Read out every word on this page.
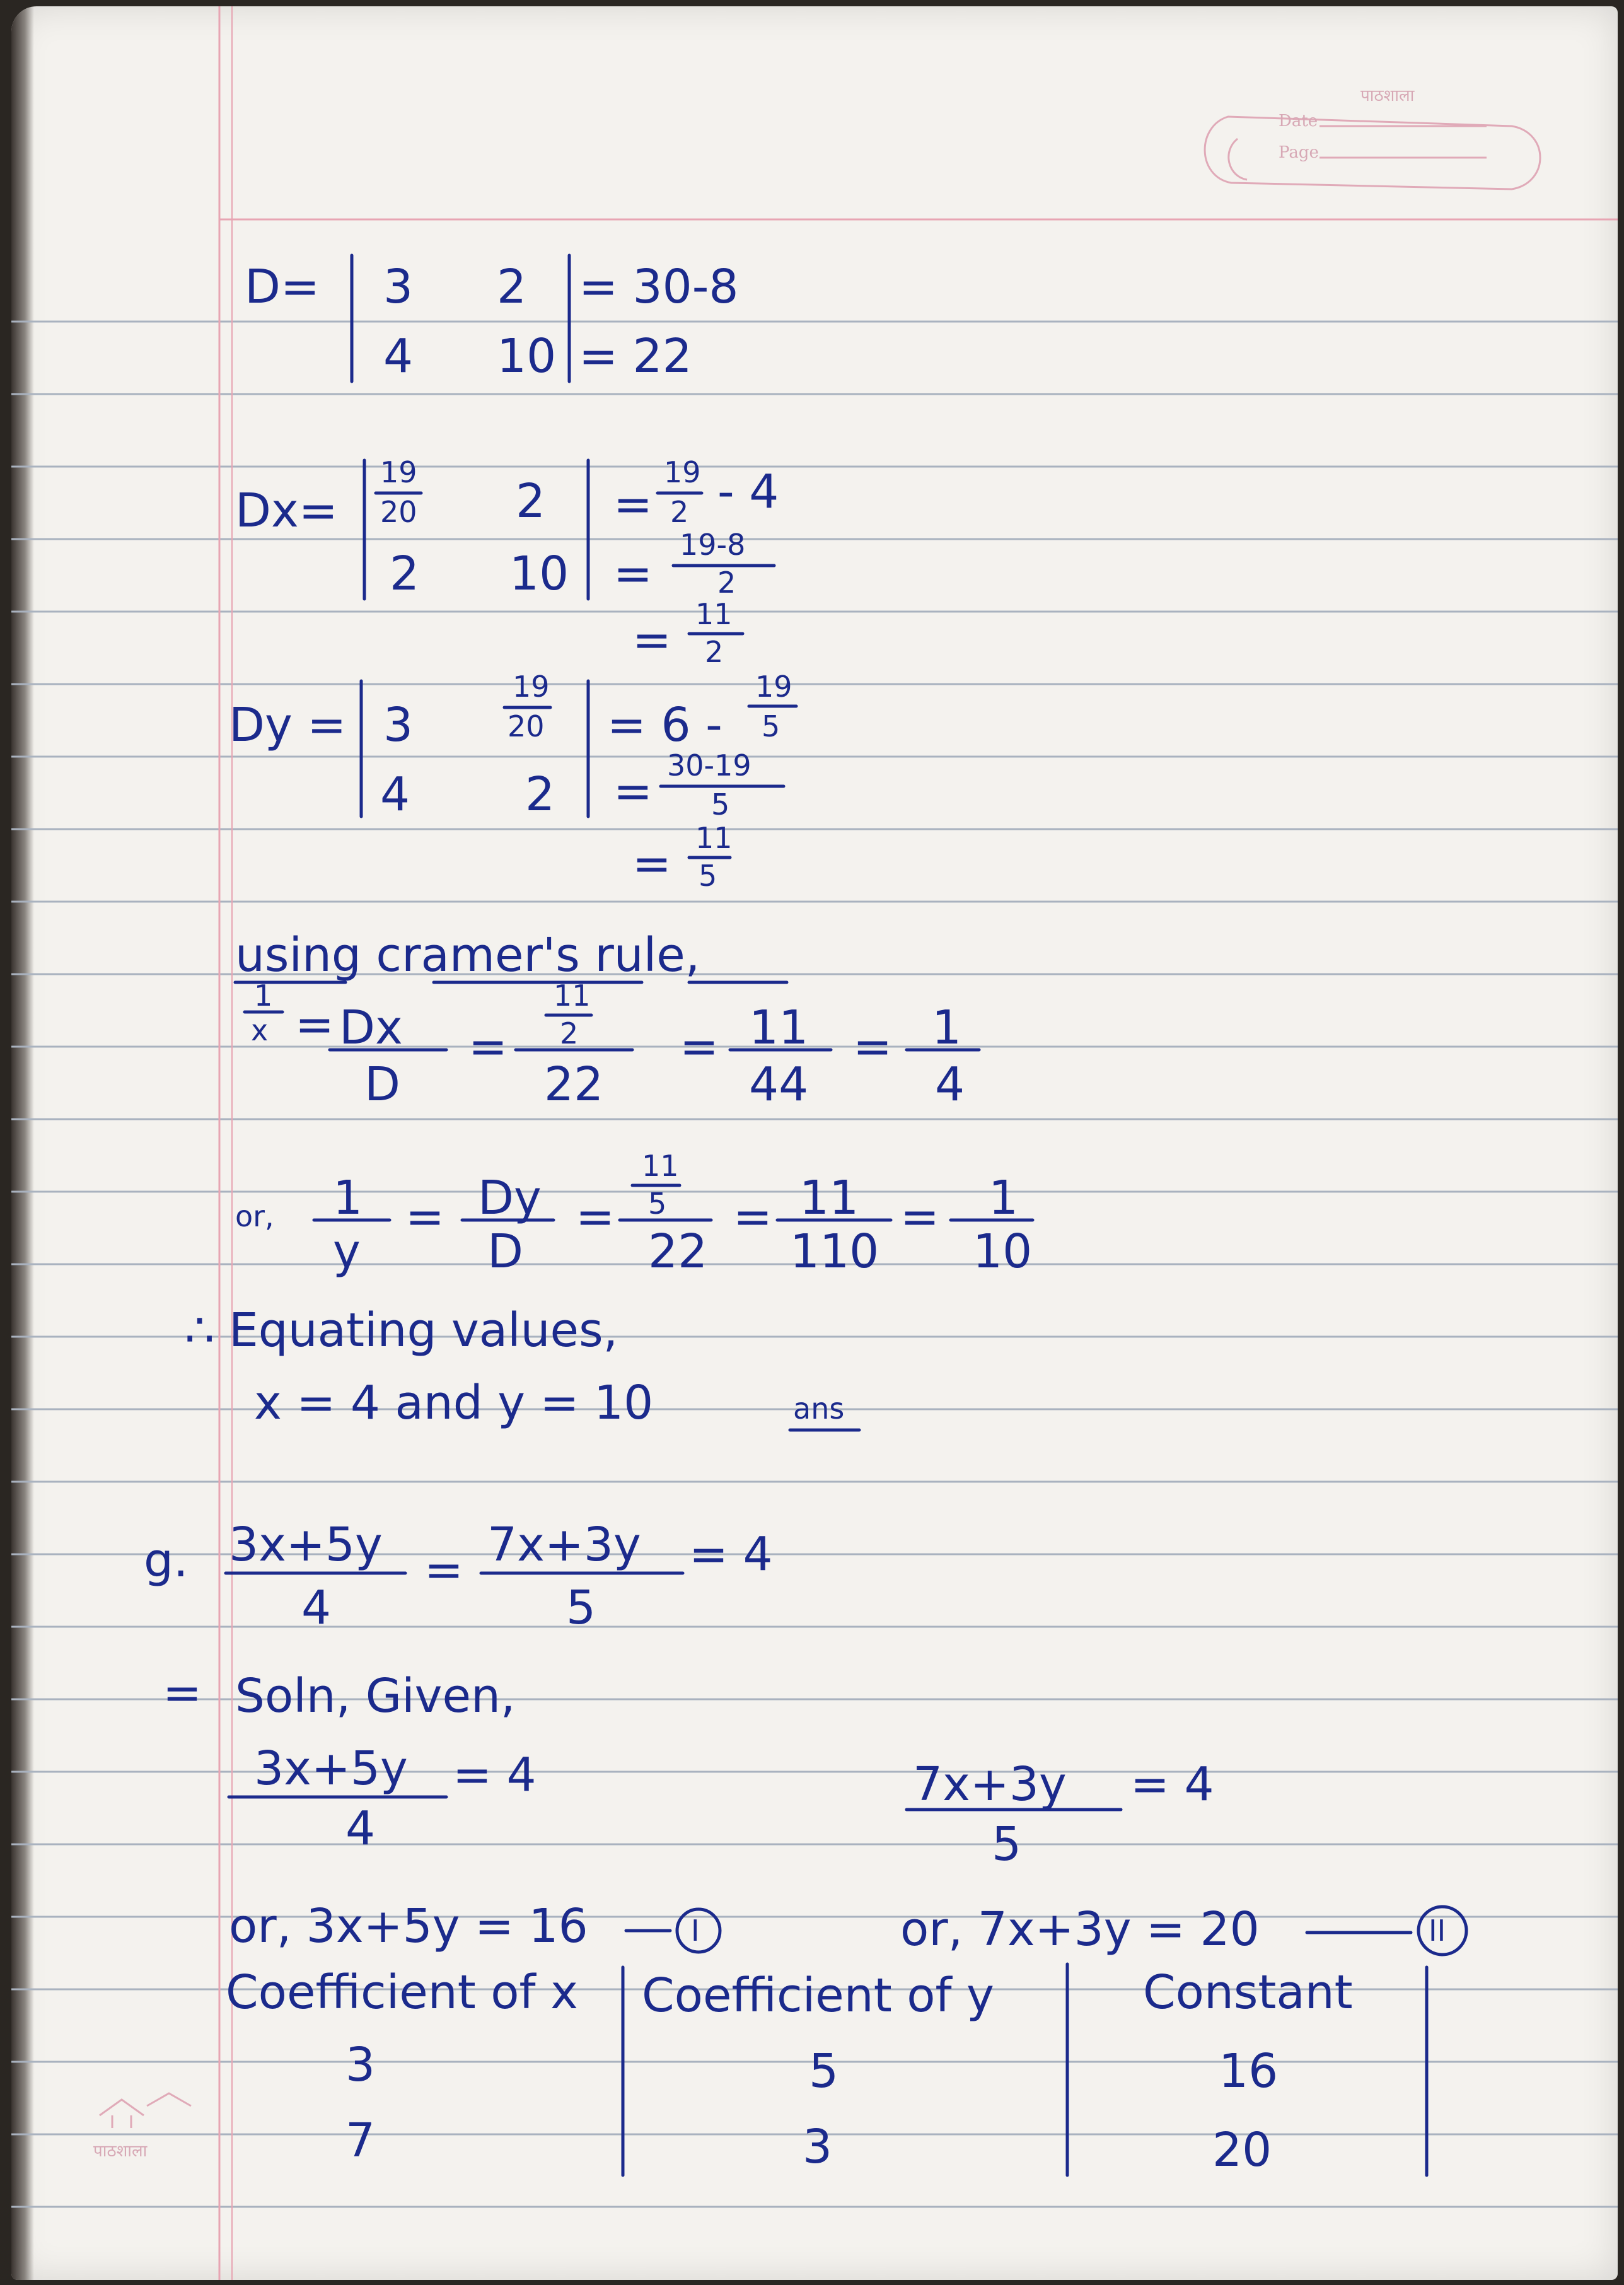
पाठशाला
Date
Page
D= 3 2
4 10
= 30-8
= 22
Dx=
19
20 2
2 10
=
19
2 - 4
=
19-8
2
= 11
2
Dy = 3
19
20
4 2
= 6 -
19
5
= 30-19
5
= 11
5
using cramer's rule,
1
x = Dx
D
=
11
2
22
= 11
44
= 1
4
or, 1
y
= Dy
D
=
11
5
22
= 11
110
= 1
10
∴ Equating values,
x = 4 and y = 10	ans
g. 3x+5y
4
= 7x+3y
5
= 4
= Soln, Given,
3x+5y
4
= 4	7x+3y
5
= 4
or, 3x+5y = 16	I	or, 7x+3y = 20	II
Coefficient of x Coefficient of y	Constant
3	5	16
7	3	20
पाठशाला
